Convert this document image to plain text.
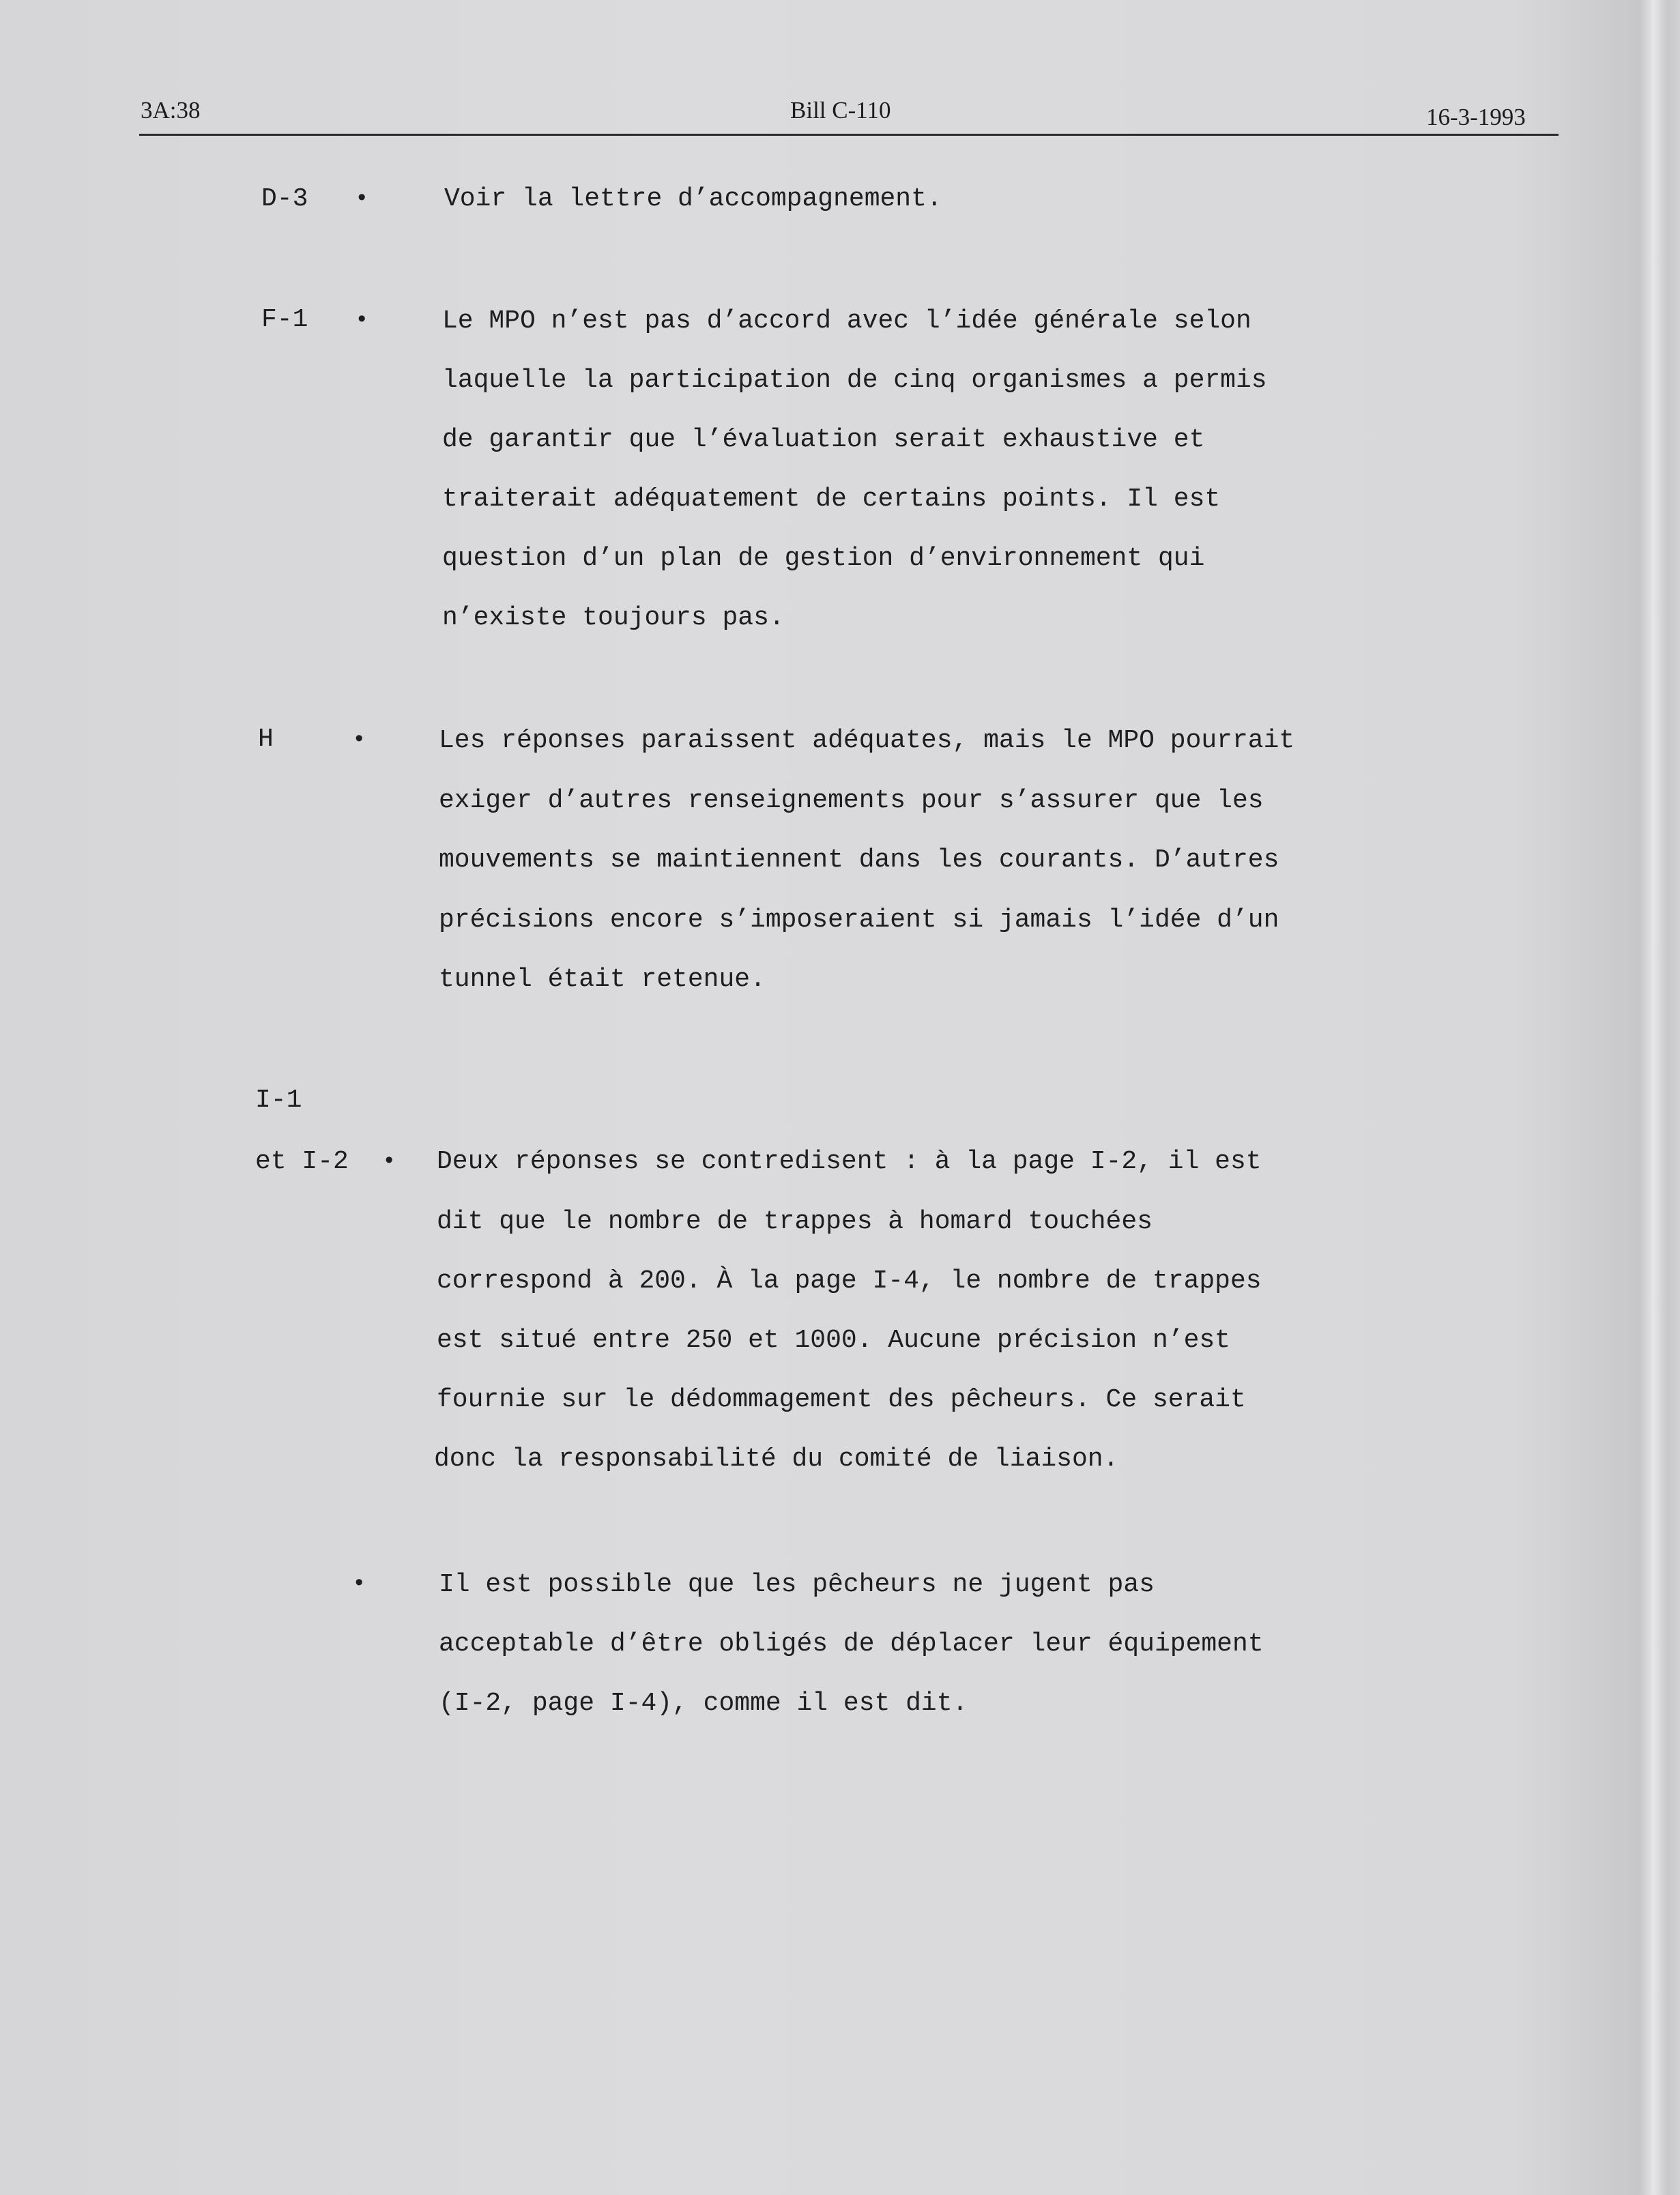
3A:38	Bill C-110	16-3-1993
D-3 •	Voir la lettre d’accompagnement.
F-1 •	Le MPO n’est pas d’accord avec l’idée générale selon
laquelle la participation de cinq organismes a permis
de garantir que l’évaluation serait exhaustive et
traiterait adéquatement de certains points. Il est
question d’un plan de gestion d’environnement qui
n’existe toujours pas.
H	•	Les réponses paraissent adéquates, mais le MPO pourrait
exiger d’autres renseignements pour s’assurer que les
mouvements se maintiennent dans les courants. D’autres
précisions encore s’imposeraient si jamais l’idée d’un
tunnel était retenue.
I-1
et I-2 • Deux réponses se contredisent : à la page I-2, il est
dit que le nombre de trappes à homard touchées
correspond à 200. À la page I-4, le nombre de trappes
est situé entre 250 et 1000. Aucune précision n’est
fournie sur le dédommagement des pêcheurs. Ce serait
donc la responsabilité du comité de liaison.
•	Il est possible que les pêcheurs ne jugent pas
acceptable d’être obligés de déplacer leur équipement
(I-2, page I-4), comme il est dit.
